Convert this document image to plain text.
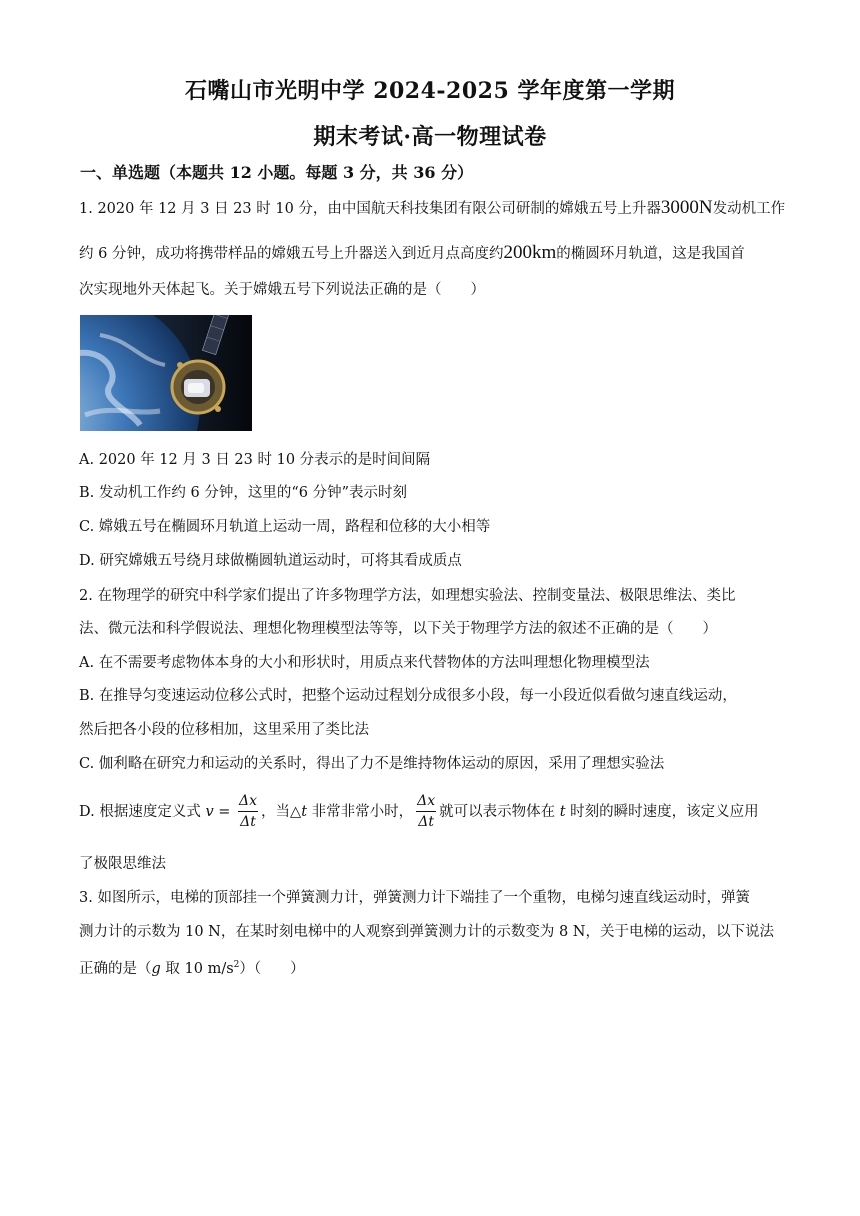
石嘴山市光明中学 2024-2025 学年度第一学期
期末考试·高一物理试卷
一、单选题（本题共 12 小题。每题 3 分，共 36 分）
1. 2020 年 12 月 3 日 23 时 10 分，由中国航天科技集团有限公司研制的嫦娥五号上升器3000N发动机工作
约 6 分钟，成功将携带样品的嫦娥五号上升器送入到近月点高度约200km的椭圆环月轨道，这是我国首
次实现地外天体起飞。关于嫦娥五号下列说法正确的是（　　）
A. 2020 年 12 月 3 日 23 时 10 分表示的是时间间隔
B. 发动机工作约 6 分钟，这里的“6 分钟”表示时刻
C. 嫦娥五号在椭圆环月轨道上运动一周，路程和位移的大小相等
D. 研究嫦娥五号绕月球做椭圆轨道运动时，可将其看成质点
2. 在物理学的研究中科学家们提出了许多物理学方法，如理想实验法、控制变量法、极限思维法、类比
法、微元法和科学假说法、理想化物理模型法等等，以下关于物理学方法的叙述不正确的是（　　）
A. 在不需要考虑物体本身的大小和形状时，用质点来代替物体的方法叫理想化物理模型法
B. 在推导匀变速运动位移公式时，把整个运动过程划分成很多小段，每一小段近似看做匀速直线运动，
然后把各小段的位移相加，这里采用了类比法
C. 伽利略在研究力和运动的关系时，得出了力不是维持物体运动的原因，采用了理想实验法
D. 根据速度定义式 $v = \frac{\Delta x}{\Delta t}$ ，当△t 非常非常小时， $\frac{\Delta x}{\Delta t}$ 就可以表示物体在 t 时刻的瞬时速度，该定义应用
了极限思维法
3. 如图所示，电梯的顶部挂一个弹簧测力计，弹簧测力计下端挂了一个重物，电梯匀速直线运动时，弹簧
测力计的示数为 10 N，在某时刻电梯中的人观察到弹簧测力计的示数变为 8 N，关于电梯的运动，以下说法
正确的是（g 取 10 $m/s^2$）（　　）
